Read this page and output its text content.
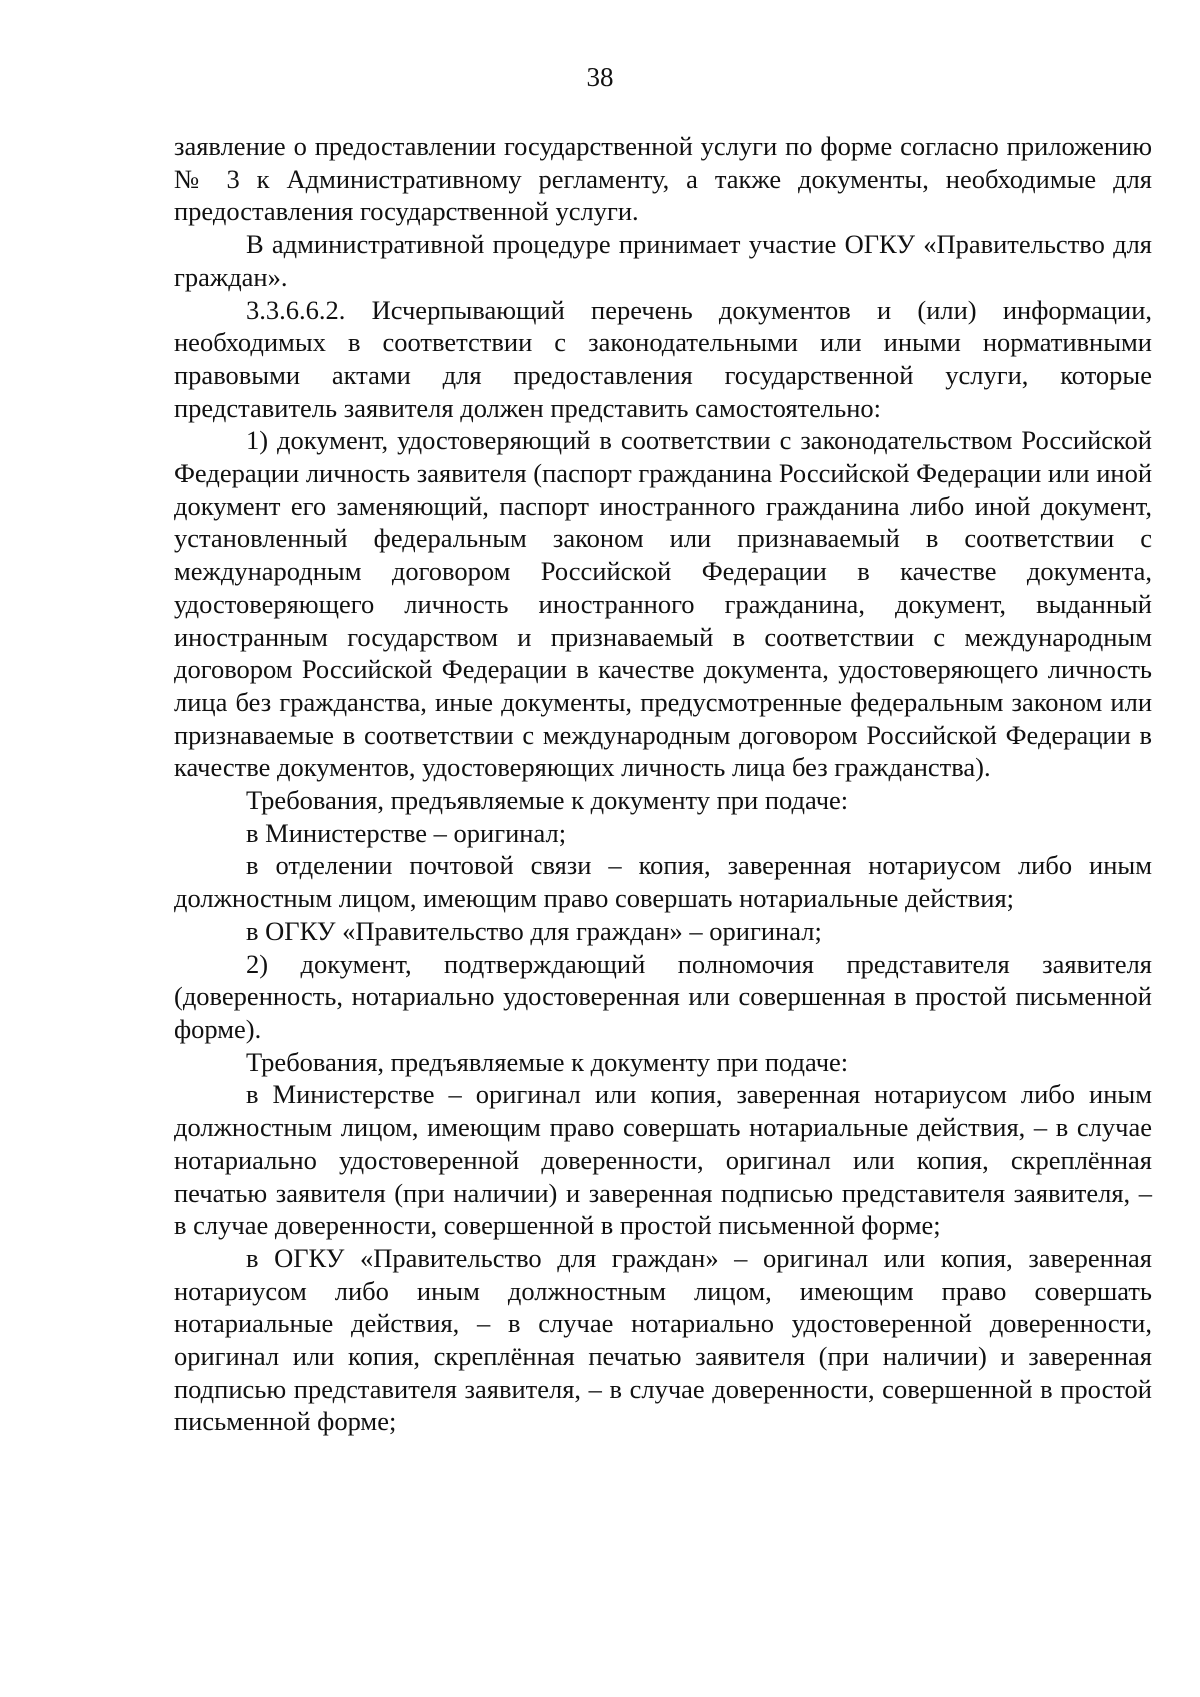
38

заявление о предоставлении государственной услуги по форме согласно приложению № 3 к Административному регламенту, а также документы, необходимые для предоставления государственной услуги.

В административной процедуре принимает участие ОГКУ «Правительство для граждан».

3.3.6.6.2. Исчерпывающий перечень документов и (или) информации, необходимых в соответствии с законодательными или иными нормативными правовыми актами для предоставления государственной услуги, которые представитель заявителя должен представить самостоятельно:

1) документ, удостоверяющий в соответствии с законодательством Российской Федерации личность заявителя (паспорт гражданина Российской Федерации или иной документ его заменяющий, паспорт иностранного гражданина либо иной документ, установленный федеральным законом или признаваемый в соответствии с международным договором Российской Федерации в качестве документа, удостоверяющего личность иностранного гражданина, документ, выданный иностранным государством и признаваемый в соответствии с международным договором Российской Федерации в качестве документа, удостоверяющего личность лица без гражданства, иные документы, предусмотренные федеральным законом или признаваемые в соответствии с международным договором Российской Федерации в качестве документов, удостоверяющих личность лица без гражданства).

Требования, предъявляемые к документу при подаче:

в Министерстве – оригинал;

в отделении почтовой связи – копия, заверенная нотариусом либо иным должностным лицом, имеющим право совершать нотариальные действия;

в ОГКУ «Правительство для граждан» – оригинал;

2) документ, подтверждающий полномочия представителя заявителя (доверенность, нотариально удостоверенная или совершенная в простой письменной форме).

Требования, предъявляемые к документу при подаче:

в Министерстве – оригинал или копия, заверенная нотариусом либо иным должностным лицом, имеющим право совершать нотариальные действия, – в случае нотариально удостоверенной доверенности, оригинал или копия, скреплённая печатью заявителя (при наличии) и заверенная подписью представителя заявителя, – в случае доверенности, совершенной в простой письменной форме;

в ОГКУ «Правительство для граждан» – оригинал или копия, заверенная нотариусом либо иным должностным лицом, имеющим право совершать нотариальные действия, – в случае нотариально удостоверенной доверенности, оригинал или копия, скреплённая печатью заявителя (при наличии) и заверенная подписью представителя заявителя, – в случае доверенности, совершенной в простой письменной форме;
